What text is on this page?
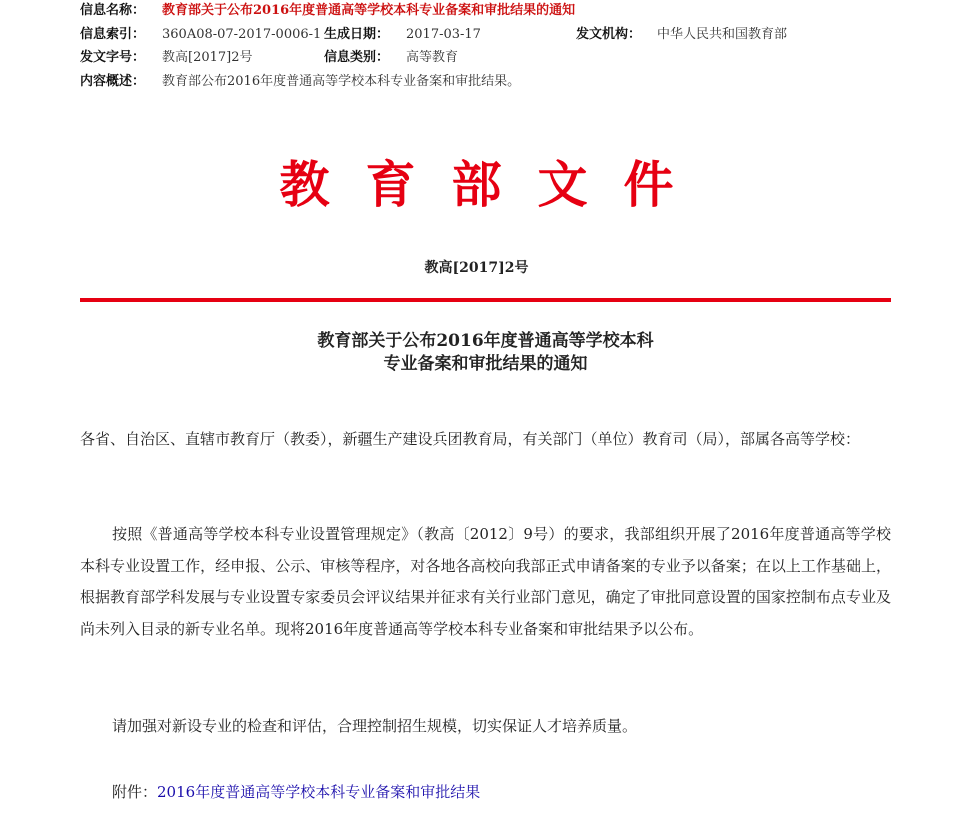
信息名称： 教育部关于公布2016年度普通高等学校本科专业备案和审批结果的通知
信息索引： 360A08-07-2017-0006-1 生成日期： 2017-03-17	发文机构： 中华人民共和国教育部
发文字号： 教高[2017]2号	信息类别： 高等教育
内容概述： 教育部公布2016年度普通高等学校本科专业备案和审批结果。
教育部文件
教高[2017]2号
教育部关于公布2016年度普通高等学校本科
专业备案和审批结果的通知
各省、自治区、直辖市教育厅（教委），新疆生产建设兵团教育局，有关部门（单位）教育司（局），部属各高等学校：
按照《普通高等学校本科专业设置管理规定》（教高〔2012〕9号）的要求，我部组织开展了2016年度普通高等学校本科专业设置工作，经申报、公示、审核等程序，对各地各高校向我部正式申请备案的专业予以备案；在以上工作基础上，根据教育部学科发展与专业设置专家委员会评议结果并征求有关行业部门意见，确定了审批同意设置的国家控制布点专业及尚未列入目录的新专业名单。现将2016年度普通高等学校本科专业备案和审批结果予以公布。
请加强对新设专业的检查和评估，合理控制招生规模，切实保证人才培养质量。
附件：2016年度普通高等学校本科专业备案和审批结果
